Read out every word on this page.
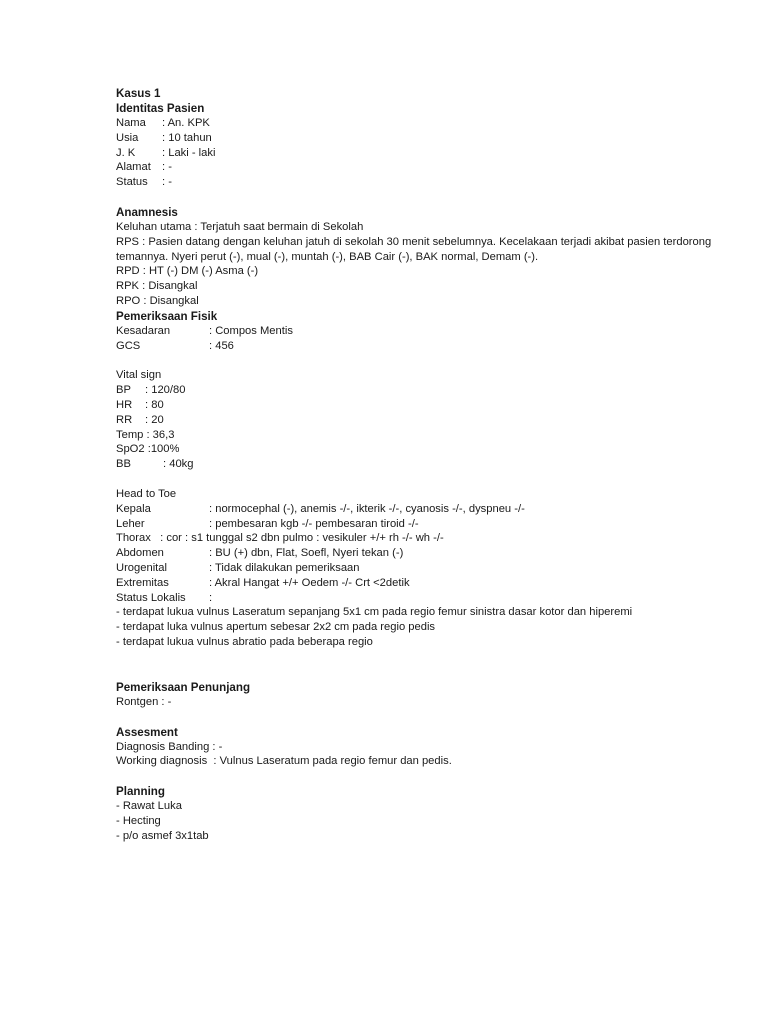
Kasus 1
Identitas Pasien
Nama	: An. KPK
Usia	: 10 tahun
J. K	: Laki - laki
Alamat : -
Status	: -
Anamnesis
Keluhan utama : Terjatuh saat bermain di Sekolah
RPS : Pasien datang dengan keluhan jatuh di sekolah 30 menit sebelumnya. Kecelakaan terjadi akibat pasien terdorong temannya. Nyeri perut (-), mual (-), muntah (-), BAB Cair (-), BAK normal, Demam (-).
RPD : HT (-) DM (-) Asma (-)
RPK : Disangkal
RPO : Disangkal
Pemeriksaan Fisik
Kesadaran	: Compos Mentis
GCS	: 456
Vital sign
BP	: 120/80
HR	: 80
RR	: 20
Temp : 36,3
SpO2 :100%
BB	: 40kg
Head to Toe
Kepala	: normocephal (-), anemis -/-, ikterik -/-, cyanosis -/-, dyspneu -/-
Leher	: pembesaran kgb -/- pembesaran tiroid -/-
Thorax   : cor : s1 tunggal s2 dbn pulmo : vesikuler +/+ rh -/- wh -/-
Abdomen	: BU (+) dbn, Flat, Soefl, Nyeri tekan (-)
Urogenital	: Tidak dilakukan pemeriksaan
Extremitas	: Akral Hangat +/+ Oedem -/- Crt <2detik
Status Lokalis	:
- terdapat lukua vulnus Laseratum sepanjang 5x1 cm pada regio femur sinistra dasar kotor dan hiperemi
- terdapat luka vulnus apertum sebesar 2x2 cm pada regio pedis
- terdapat lukua vulnus abratio pada beberapa regio
Pemeriksaan Penunjang
Rontgen : -
Assesment
Diagnosis Banding : -
Working diagnosis  : Vulnus Laseratum pada regio femur dan pedis.
Planning
- Rawat Luka
- Hecting
- p/o asmef 3x1tab
